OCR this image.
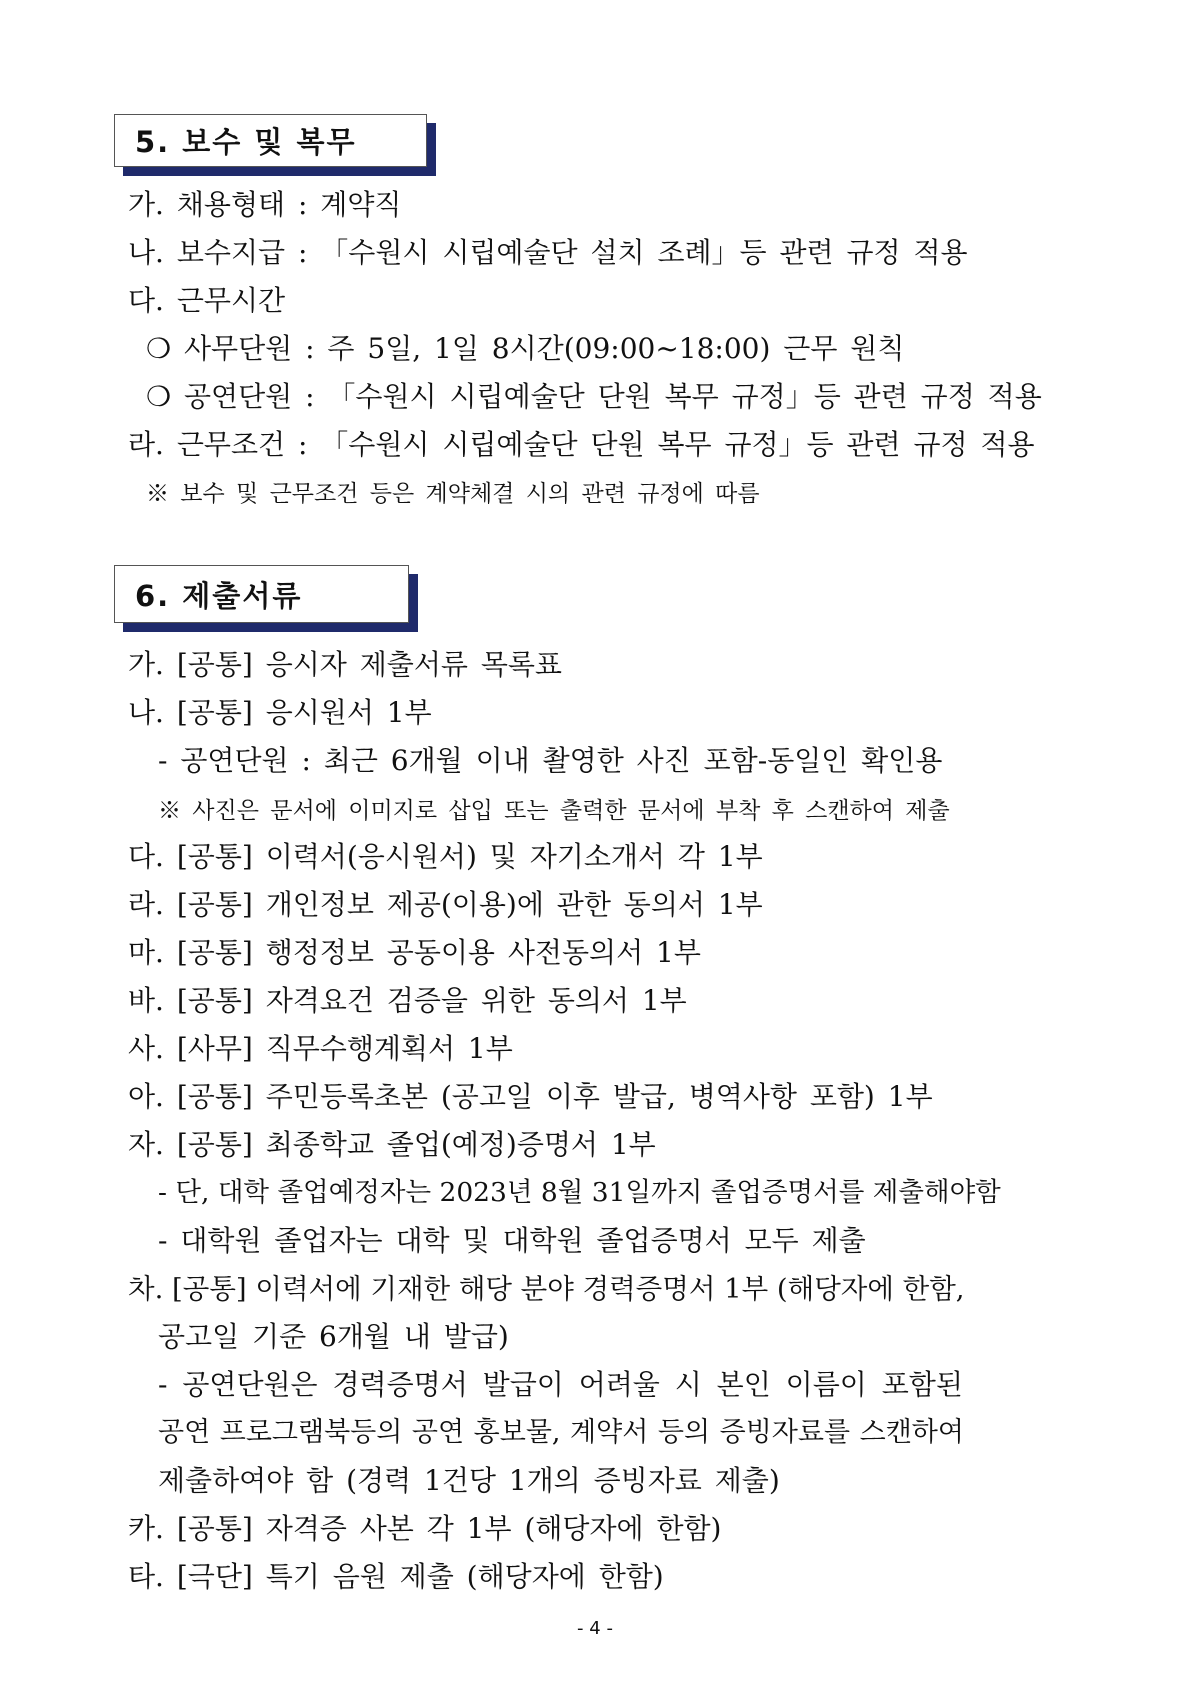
5. 보수 및 복무
가. 채용형태 : 계약직
나. 보수지급 : 「수원시 시립예술단 설치 조례」등 관련 규정 적용
다. 근무시간
❍ 사무단원 : 주 5일, 1일 8시간(09:00~18:00) 근무 원칙
❍ 공연단원 : 「수원시 시립예술단 단원 복무 규정」등 관련 규정 적용
라. 근무조건 : 「수원시 시립예술단 단원 복무 규정」등 관련 규정 적용
※ 보수 및 근무조건 등은 계약체결 시의 관련 규정에 따름
6. 제출서류
가. [공통] 응시자 제출서류 목록표
나. [공통] 응시원서 1부
- 공연단원 : 최근 6개월 이내 촬영한 사진 포함-동일인 확인용
※ 사진은 문서에 이미지로 삽입 또는 출력한 문서에 부착 후 스캔하여 제출
다. [공통] 이력서(응시원서) 및 자기소개서 각 1부
라. [공통] 개인정보 제공(이용)에 관한 동의서 1부
마. [공통] 행정정보 공동이용 사전동의서 1부
바. [공통] 자격요건 검증을 위한 동의서 1부
사. [사무] 직무수행계획서 1부
아. [공통] 주민등록초본 (공고일 이후 발급, 병역사항 포함) 1부
자. [공통] 최종학교 졸업(예정)증명서 1부
- 단, 대학 졸업예정자는 2023년 8월 31일까지 졸업증명서를 제출해야함
- 대학원 졸업자는 대학 및 대학원 졸업증명서 모두 제출
차. [공통] 이력서에 기재한 해당 분야 경력증명서 1부 (해당자에 한함,
공고일 기준 6개월 내 발급)
- 공연단원은 경력증명서 발급이 어려울 시 본인 이름이 포함된
공연 프로그램북등의 공연 홍보물, 계약서 등의 증빙자료를 스캔하여
제출하여야 함 (경력 1건당 1개의 증빙자료 제출)
카. [공통] 자격증 사본 각 1부 (해당자에 한함)
타. [극단] 특기 음원 제출 (해당자에 한함)
- 4 -
